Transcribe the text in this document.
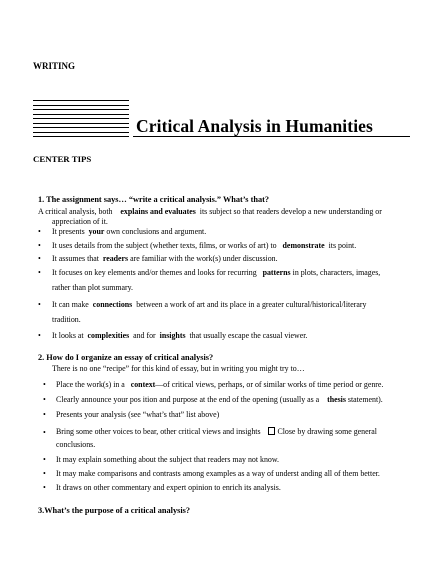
WRITING
Critical Analysis in Humanities
CENTER TIPS
1. The assignment says… “write a critical analysis.” What’s that?
A critical analysis, both explains and evaluates its subject so that readers develop a new understanding or
appreciation of it.
• It presents your own conclusions and argument.
• It uses details from the subject (whether texts, films, or works of art) to demonstrate its point.
• It assumes that readers are familiar with the work(s) under discussion.
• It focuses on key elements and/or themes and looks for recurring patterns in plots, characters, images,
rather than plot summary.
• It can make connections between a work of art and its place in a greater cultural/historical/literary
tradition.
• It looks at complexities and for insights that usually escape the casual viewer.
2. How do I organize an essay of critical analysis?
There is no one “recipe” for this kind of essay, but in writing you might try to…
• Place the work(s) in a context—of critical views, perhaps, or of similar works of time period or genre.
• Clearly announce your pos ition and purpose at the end of the opening (usually as a thesis statement).
• Presents your analysis (see “what’s that” list above)
• Bring some other voices to bear, other critical views and insights Close by drawing some general
conclusions.
• It may explain something about the subject that readers may not know.
• It may make comparisons and contrasts among examples as a way of underst anding all of them better.
• It draws on other commentary and expert opinion to enrich its analysis.
3.What’s the purpose of a critical analysis?
